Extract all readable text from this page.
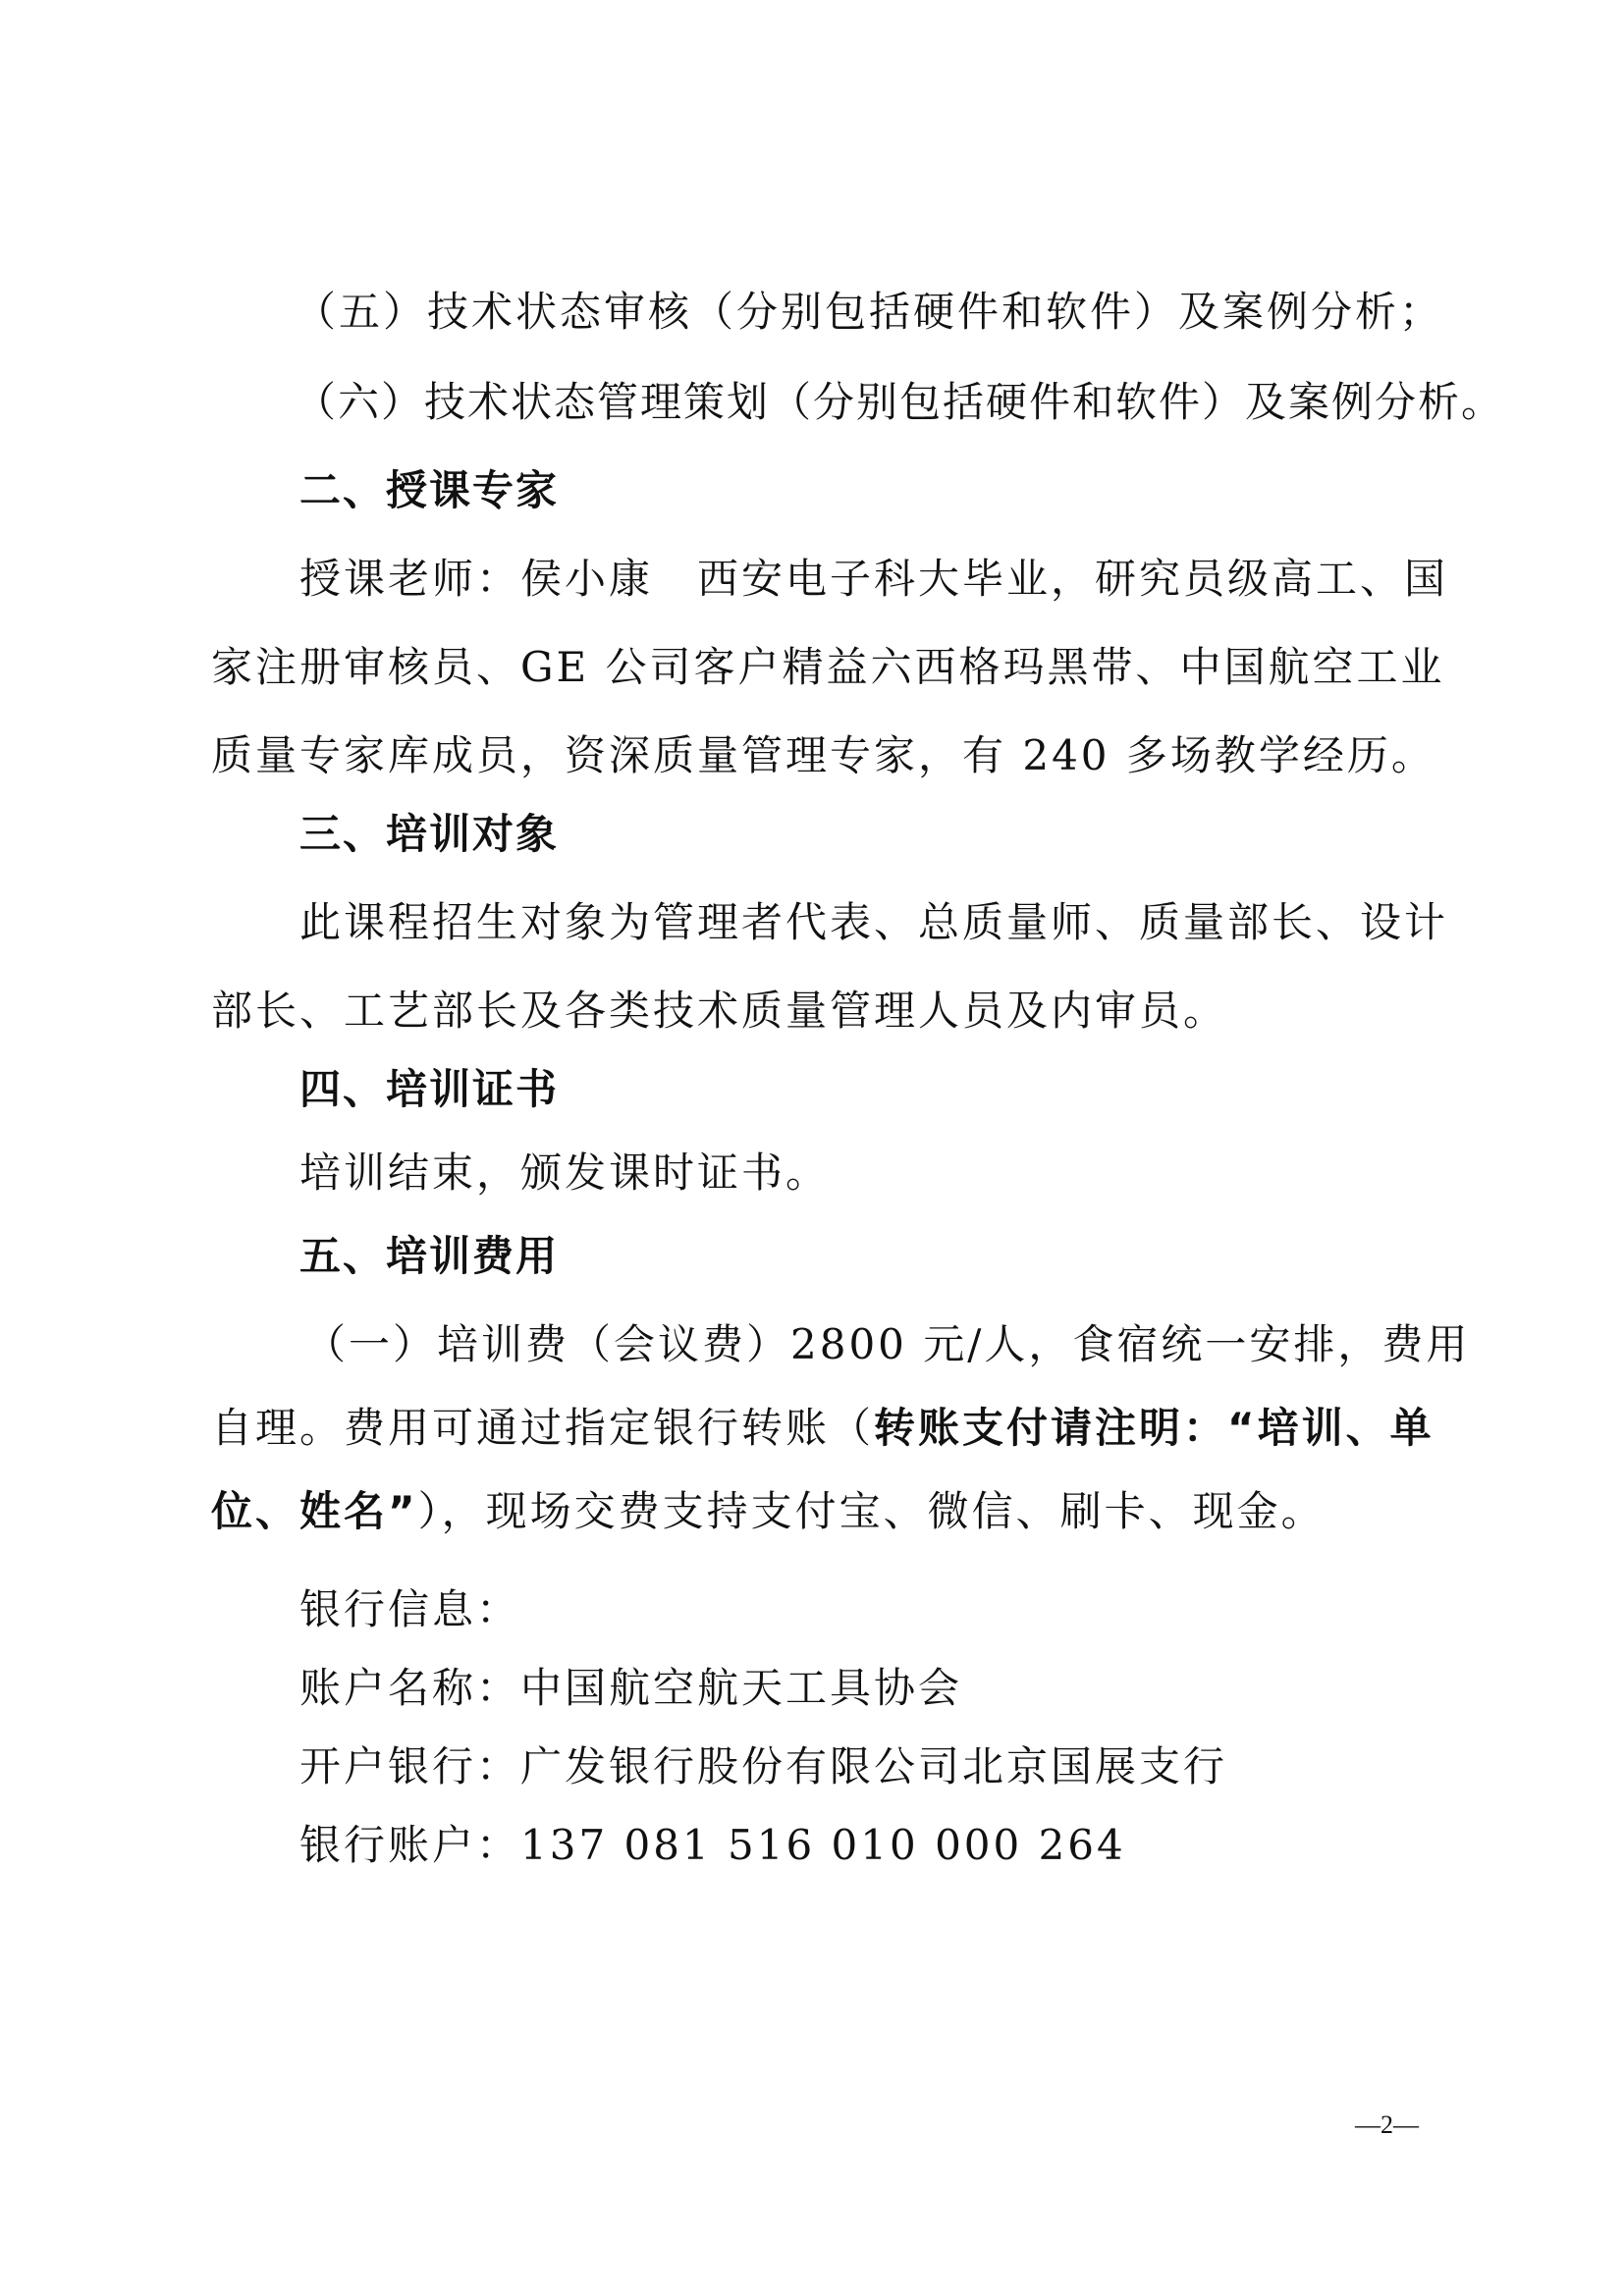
（五）技术状态审核（分别包括硬件和软件）及案例分析；
（六）技术状态管理策划（分别包括硬件和软件）及案例分析。
二、授课专家
授课老师：侯小康　西安电子科大毕业，研究员级高工、国
家注册审核员、GE 公司客户精益六西格玛黑带、中国航空工业
质量专家库成员，资深质量管理专家，有 240 多场教学经历。
三、培训对象
此课程招生对象为管理者代表、总质量师、质量部长、设计
部长、工艺部长及各类技术质量管理人员及内审员。
四、培训证书
培训结束，颁发课时证书。
五、培训费用
（一）培训费（会议费）2800 元/人，食宿统一安排，费用
自理。费用可通过指定银行转账（转账支付请注明：“培训、单
位、姓名”），现场交费支持支付宝、微信、刷卡、现金。
银行信息：
账户名称：中国航空航天工具协会
开户银行：广发银行股份有限公司北京国展支行
银行账户：137 081 516 010 000 264
—2—
